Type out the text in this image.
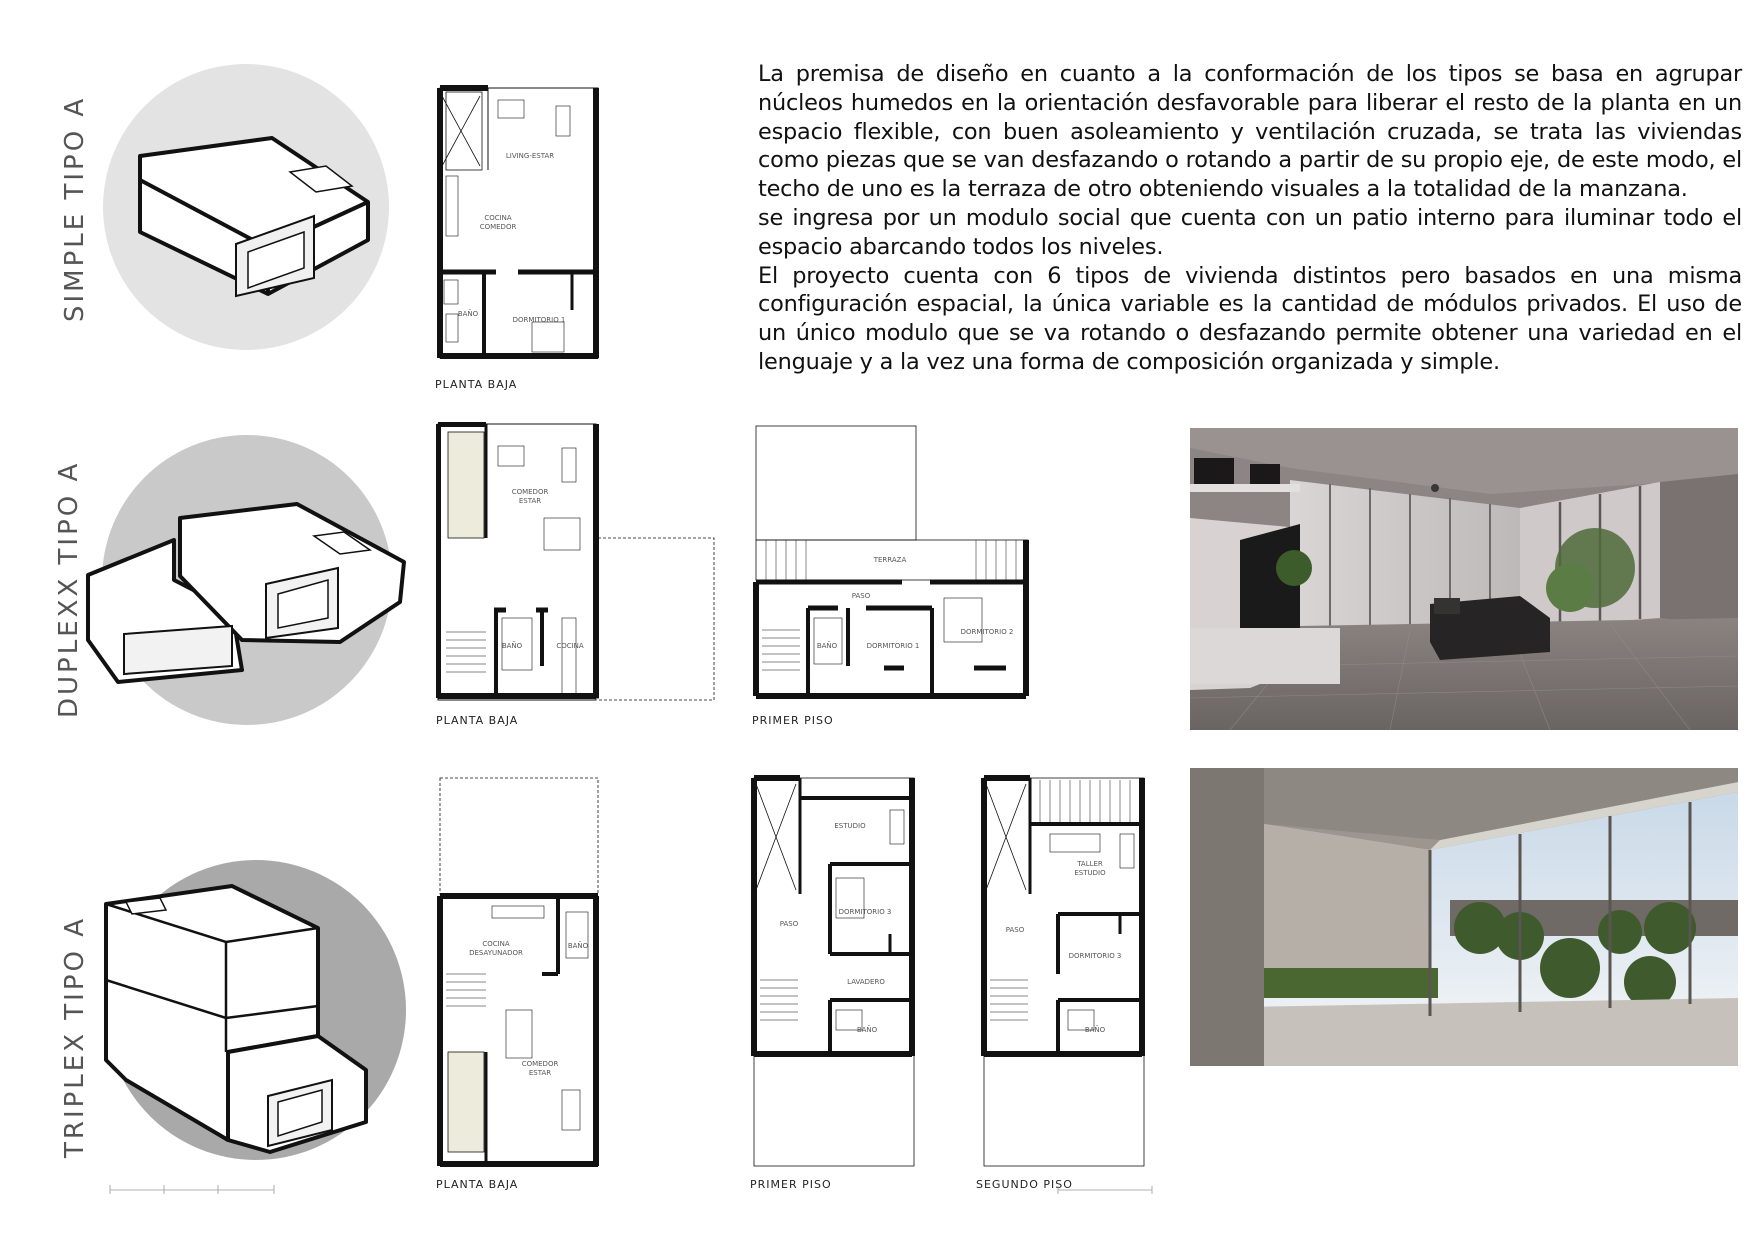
SIMPLE TIPO A
DUPLEXX TIPO A
TRIPLEX TIPO A

La premisa de diseño en cuanto a la conformación de los tipos se basa en agrupar núcleos humedos en la orientación desfavorable para liberar el resto de la planta en un espacio flexible, con buen asoleamiento y ventilación cruzada, se trata las viviendas como piezas que se van desfazando o rotando a partir de su propio eje, de este modo, el techo de uno es la terraza de otro obteniendo visuales a la totalidad de la manzana.

se ingresa por un modulo social que cuenta con un patio interno para iluminar todo el espacio abarcando todos los niveles.

El proyecto cuenta con 6 tipos de vivienda distintos pero basados en una misma configuración espacial, la única variable es la cantidad de módulos privados. El uso de un único modulo que se va rotando o desfazando permite obtener una variedad en el lenguaje y a la vez una forma de composición organizada y simple.

LIVING-ESTAR
COCINA
COMEDOR
BAÑO
DORMITORIO 1
PLANTA BAJA
COMEDOR
ESTAR
BAÑO	COCINA
PLANTA BAJA
TERRAZA
PASO
BAÑO	DORMITORIO 1
DORMITORIO 2
PRIMER PISO
COCINA
DESAYUNADOR
BAÑO
COMEDOR
ESTAR
PLANTA BAJA
ESTUDIO
DORMITORIO 3
PASO
LAVADERO
BAÑO
PRIMER PISO
TALLER
ESTUDIO
PASO
DORMITORIO 3
BAÑO
SEGUNDO PISO
